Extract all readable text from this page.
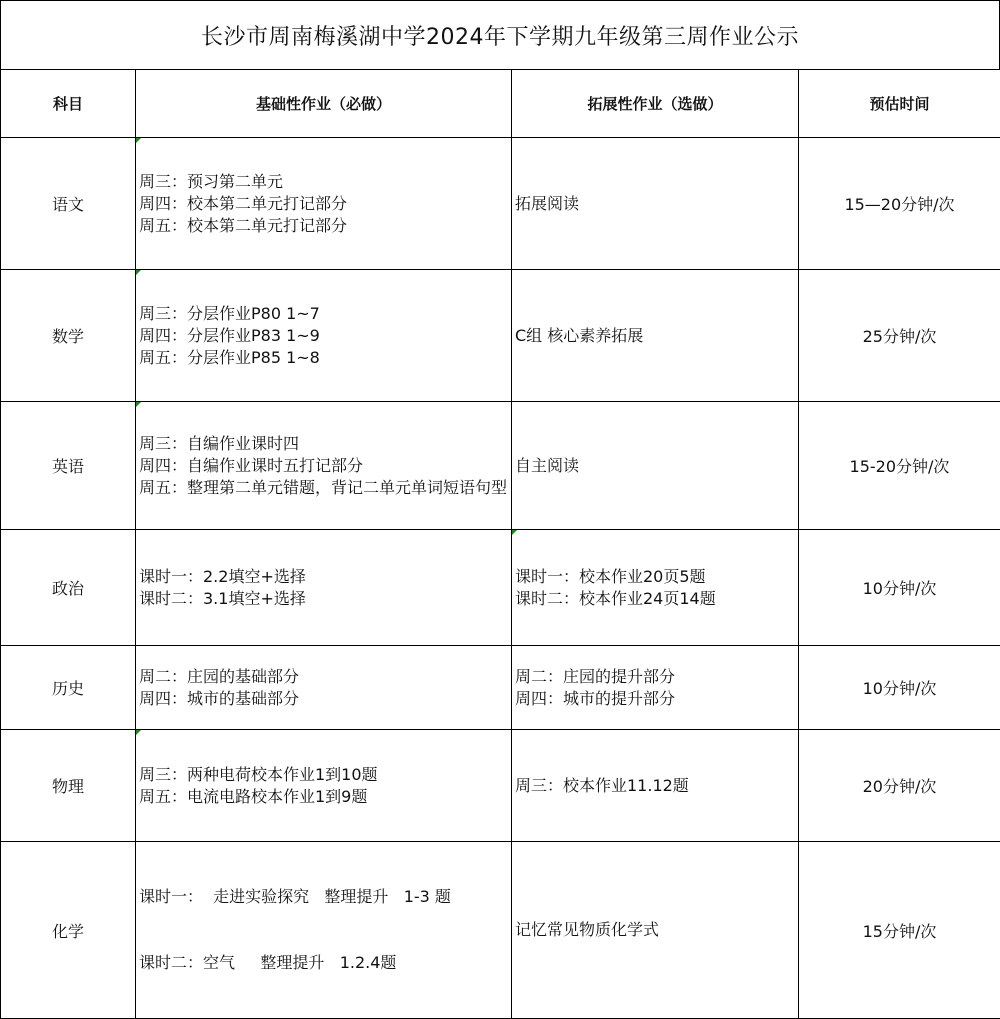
长沙市周南梅溪湖中学2024年下学期九年级第三周作业公示
科目	基础性作业（必做）	拓展性作业（选做）	预估时间
语文	周三：预习第二单元
周四：校本第二单元打记部分
周五：校本第二单元打记部分	拓展阅读	15—20分钟/次
数学	周三：分层作业P80 1~7
周四：分层作业P83 1~9
周五：分层作业P85 1~8	C组 核心素养拓展	25分钟/次
英语	周三：自编作业课时四
周四：自编作业课时五打记部分
周五：整理第二单元错题，背记二单元单词短语句型	自主阅读	15-20分钟/次
政治	课时一：2.2填空+选择
课时二：3.1填空+选择	课时一：校本作业20页5题
课时二：校本作业24页14题	10分钟/次
历史	周二：庄园的基础部分
周四：城市的基础部分	周二：庄园的提升部分
周四：城市的提升部分	10分钟/次
物理	周三：两种电荷校本作业1到10题
周五：电流电路校本作业1到9题	周三：校本作业11.12题	20分钟/次
化学	课时一：  走进实验探究   整理提升   1-3 题

课时二：空气     整理提升   1.2.4题	记忆常见物质化学式	15分钟/次
